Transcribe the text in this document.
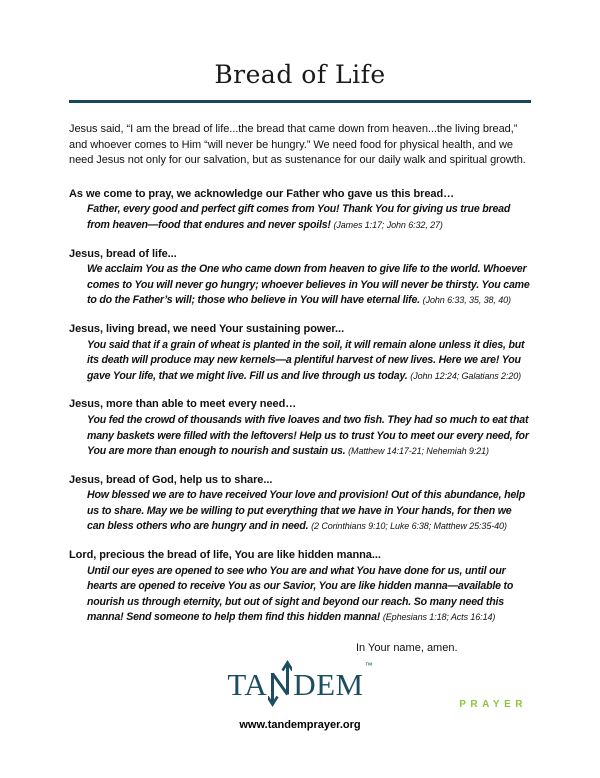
Bread of Life

Jesus said, “I am the bread of life...the bread that came down from heaven...the living bread,” and whoever comes to Him “will never be hungry.” We need food for physical health, and we need Jesus not only for our salvation, but as sustenance for our daily walk and spiritual growth.

As we come to pray, we acknowledge our Father who gave us this bread…

Father, every good and perfect gift comes from You! Thank You for giving us true bread from heaven—food that endures and never spoils! (James 1:17; John 6:32, 27)

Jesus, bread of life...

We acclaim You as the One who came down from heaven to give life to the world. Whoever comes to You will never go hungry; whoever believes in You will never be thirsty. You came to do the Father’s will; those who believe in You will have eternal life. (John 6:33, 35, 38, 40)

Jesus, living bread, we need Your sustaining power...

You said that if a grain of wheat is planted in the soil, it will remain alone unless it dies, but its death will produce may new kernels—a plentiful harvest of new lives. Here we are! You gave Your life, that we might live. Fill us and live through us today. (John 12:24; Galatians 2:20)

Jesus, more than able to meet every need…

You fed the crowd of thousands with five loaves and two fish. They had so much to eat that many baskets were filled with the leftovers! Help us to trust You to meet our every need, for You are more than enough to nourish and sustain us. (Matthew 14:17-21; Nehemiah 9:21)

Jesus, bread of God, help us to share...

How blessed we are to have received Your love and provision! Out of this abundance, help us to share. May we be willing to put everything that we have in Your hands, for then we can bless others who are hungry and in need. (2 Corinthians 9:10; Luke 6:38; Matthew 25:35-40)

Lord, precious the bread of life, You are like hidden manna...

Until our eyes are opened to see who You are and what You have done for us, until our hearts are opened to receive You as our Savior, You are like hidden manna—available to nourish us through eternity, but out of sight and beyond our reach. So many need this manna! Send someone to help them find this hidden manna! (Ephesians 1:18; Acts 16:14)

In Your name, amen.
TA DEM
™
PRAYER
www.tandemprayer.org
